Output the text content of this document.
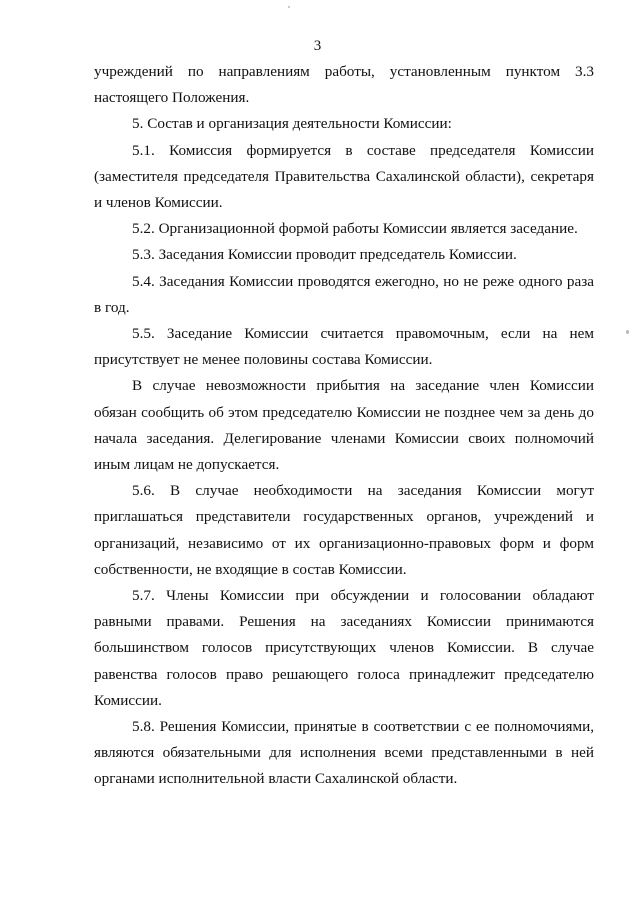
3

учреждений по направлениям работы, установленным пунктом 3.3 настоящего Положения.

5. Состав и организация деятельности Комиссии:

5.1. Комиссия формируется в составе председателя Комиссии (заместителя председателя Правительства Сахалинской области), секретаря и членов Комиссии.

5.2. Организационной формой работы Комиссии является заседание.

5.3. Заседания Комиссии проводит председатель Комиссии.

5.4. Заседания Комиссии проводятся ежегодно, но не реже одного раза в год.

5.5. Заседание Комиссии считается правомочным, если на нем присутствует не менее половины состава Комиссии.

В случае невозможности прибытия на заседание член Комиссии обязан сообщить об этом председателю Комиссии не позднее чем за день до начала заседания. Делегирование членами Комиссии своих полномочий иным лицам не допускается.

5.6. В случае необходимости на заседания Комиссии могут приглашаться представители государственных органов, учреждений и организаций, независимо от их организационно-правовых форм и форм собственности, не входящие в состав Комиссии.

5.7. Члены Комиссии при обсуждении и голосовании обладают равными правами. Решения на заседаниях Комиссии принимаются большинством голосов присутствующих членов Комиссии. В случае равенства голосов право решающего голоса принадлежит председателю Комиссии.

5.8. Решения Комиссии, принятые в соответствии с ее полномочиями, являются обязательными для исполнения всеми представленными в ней органами исполнительной власти Сахалинской области.
